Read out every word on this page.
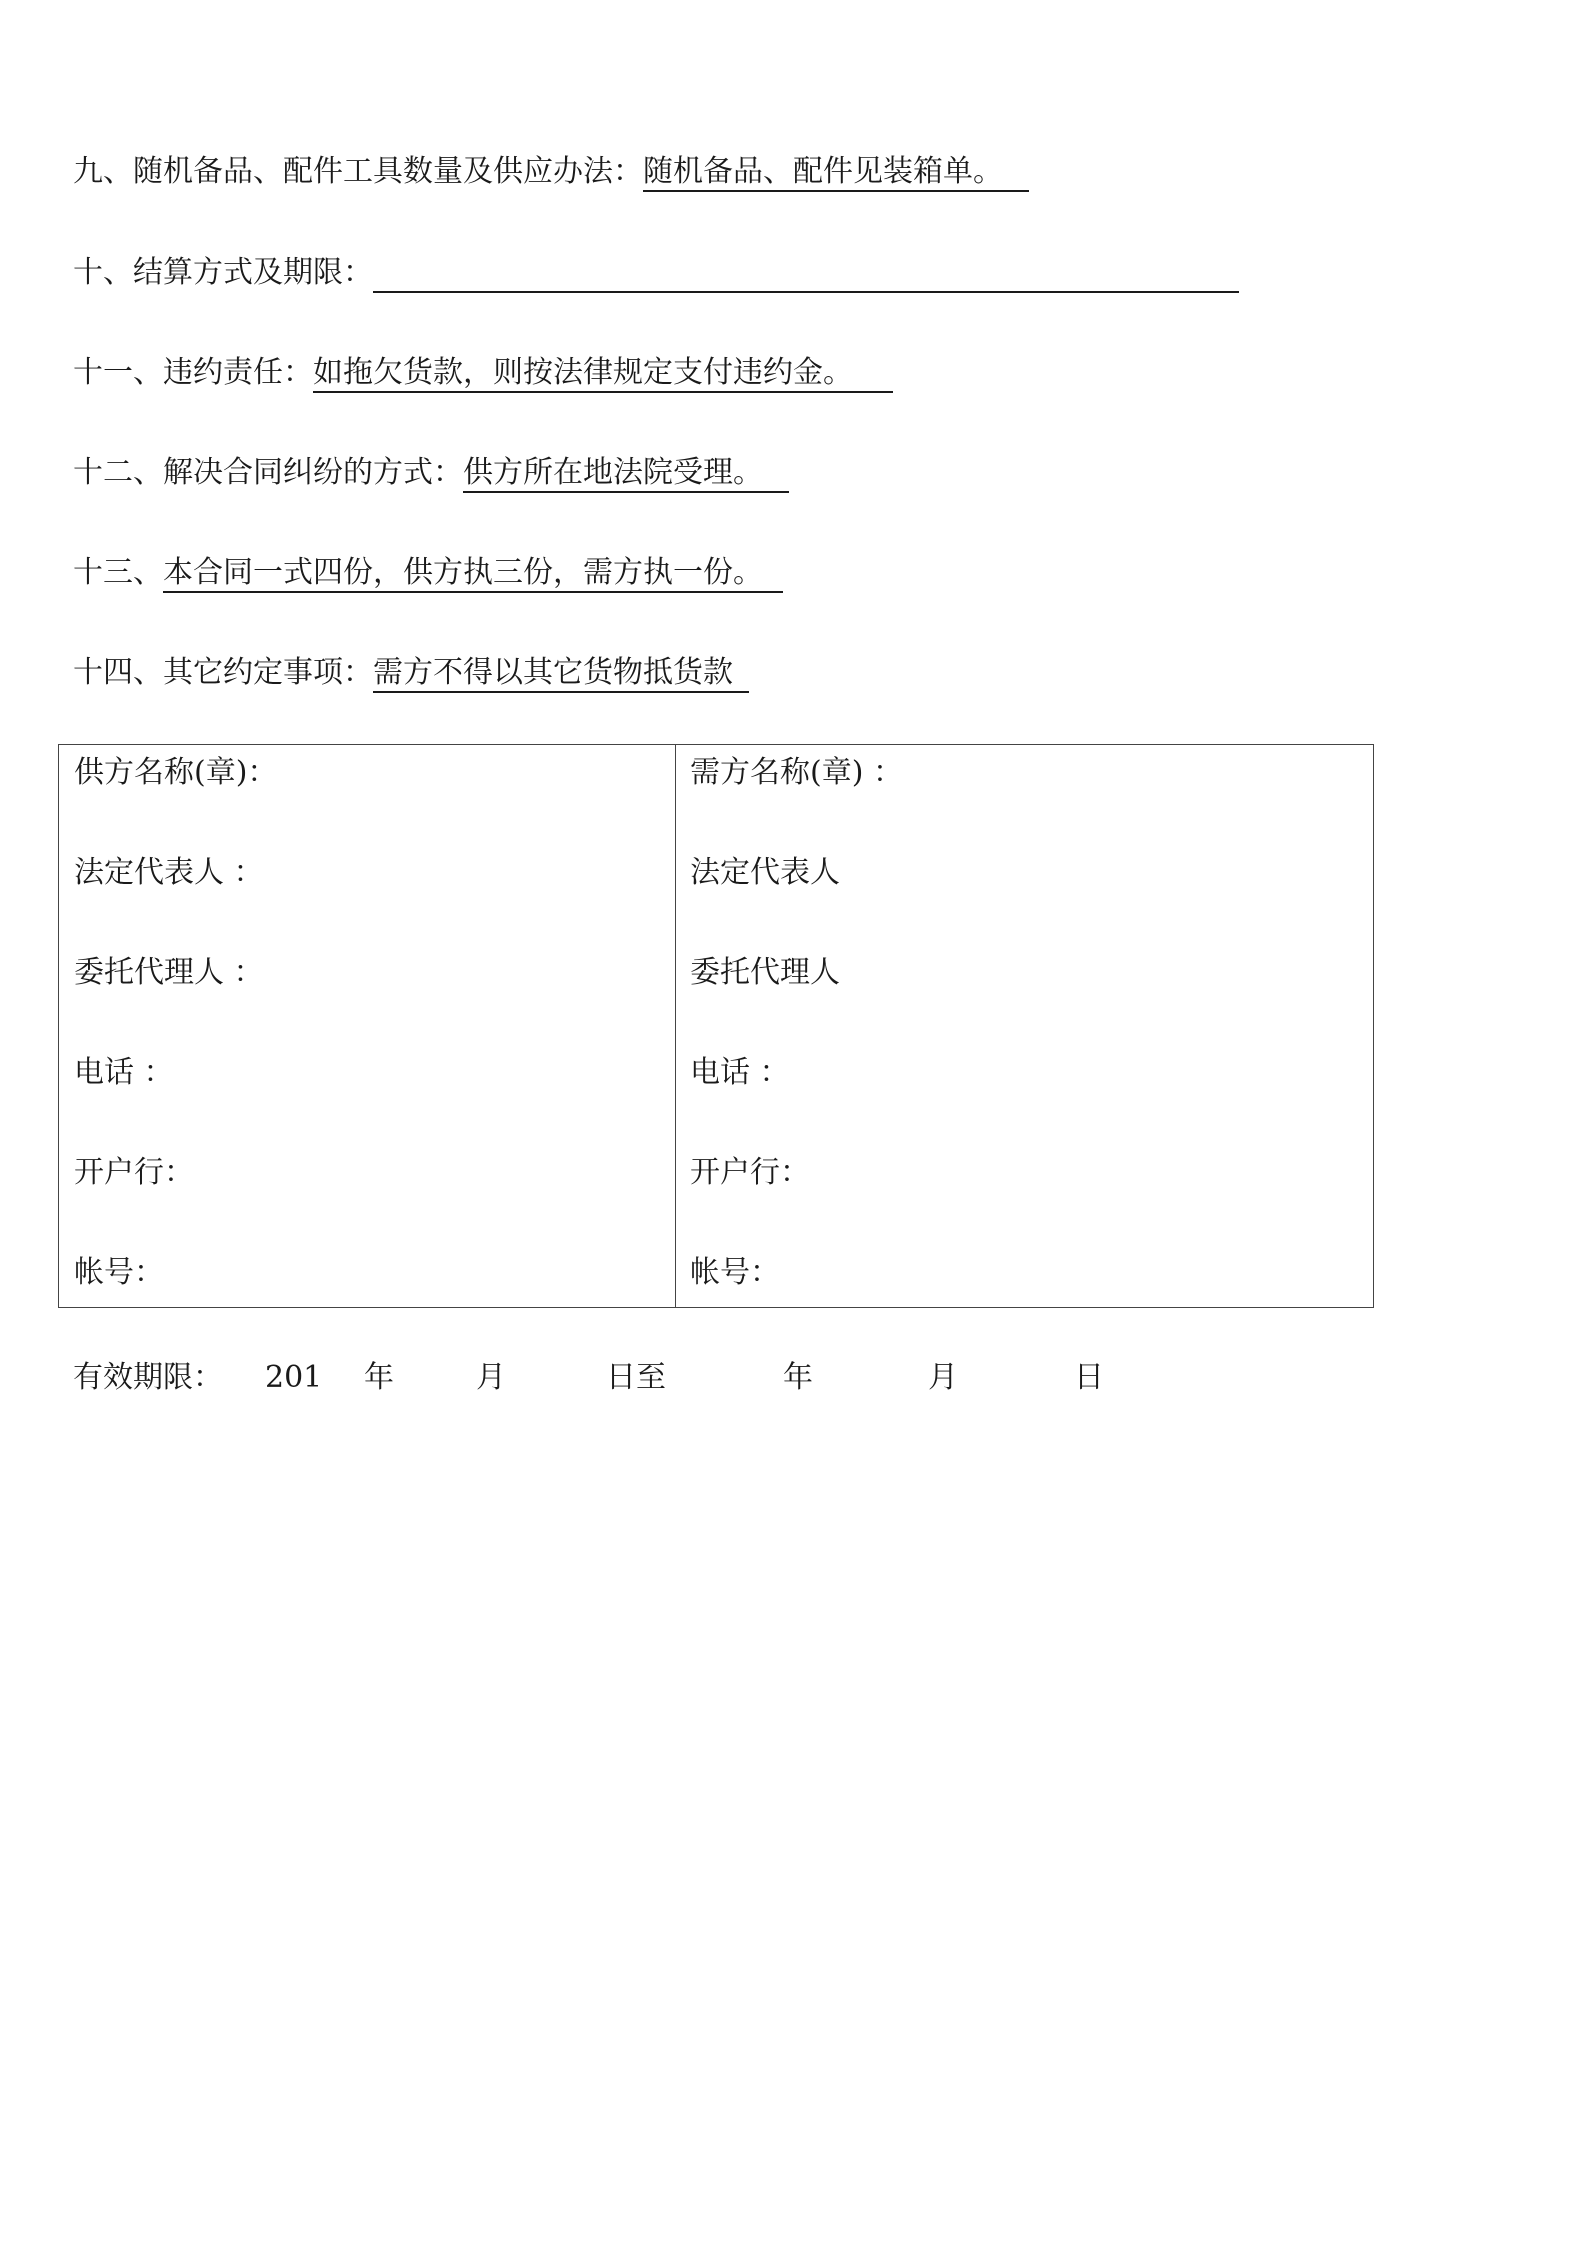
九、随机备品、配件工具数量及供应办法：随机备品、配件见装箱单。
十、结算方式及期限：
十一、违约责任：如拖欠货款，则按法律规定支付违约金。
十二、解决合同纠纷的方式：供方所在地法院受理。
十三、本合同一式四份，供方执三份，需方执一份。
十四、其它约定事项：需方不得以其它货物抵货款
供方名称(章)：
法定代表人 ：
委托代理人 ：
电话 ：
开户行：
帐号：
需方名称(章) ：
法定代表人
委托代理人
电话 ：
开户行：
帐号：
有效期限： 201 年	月	日至	年	月	日
